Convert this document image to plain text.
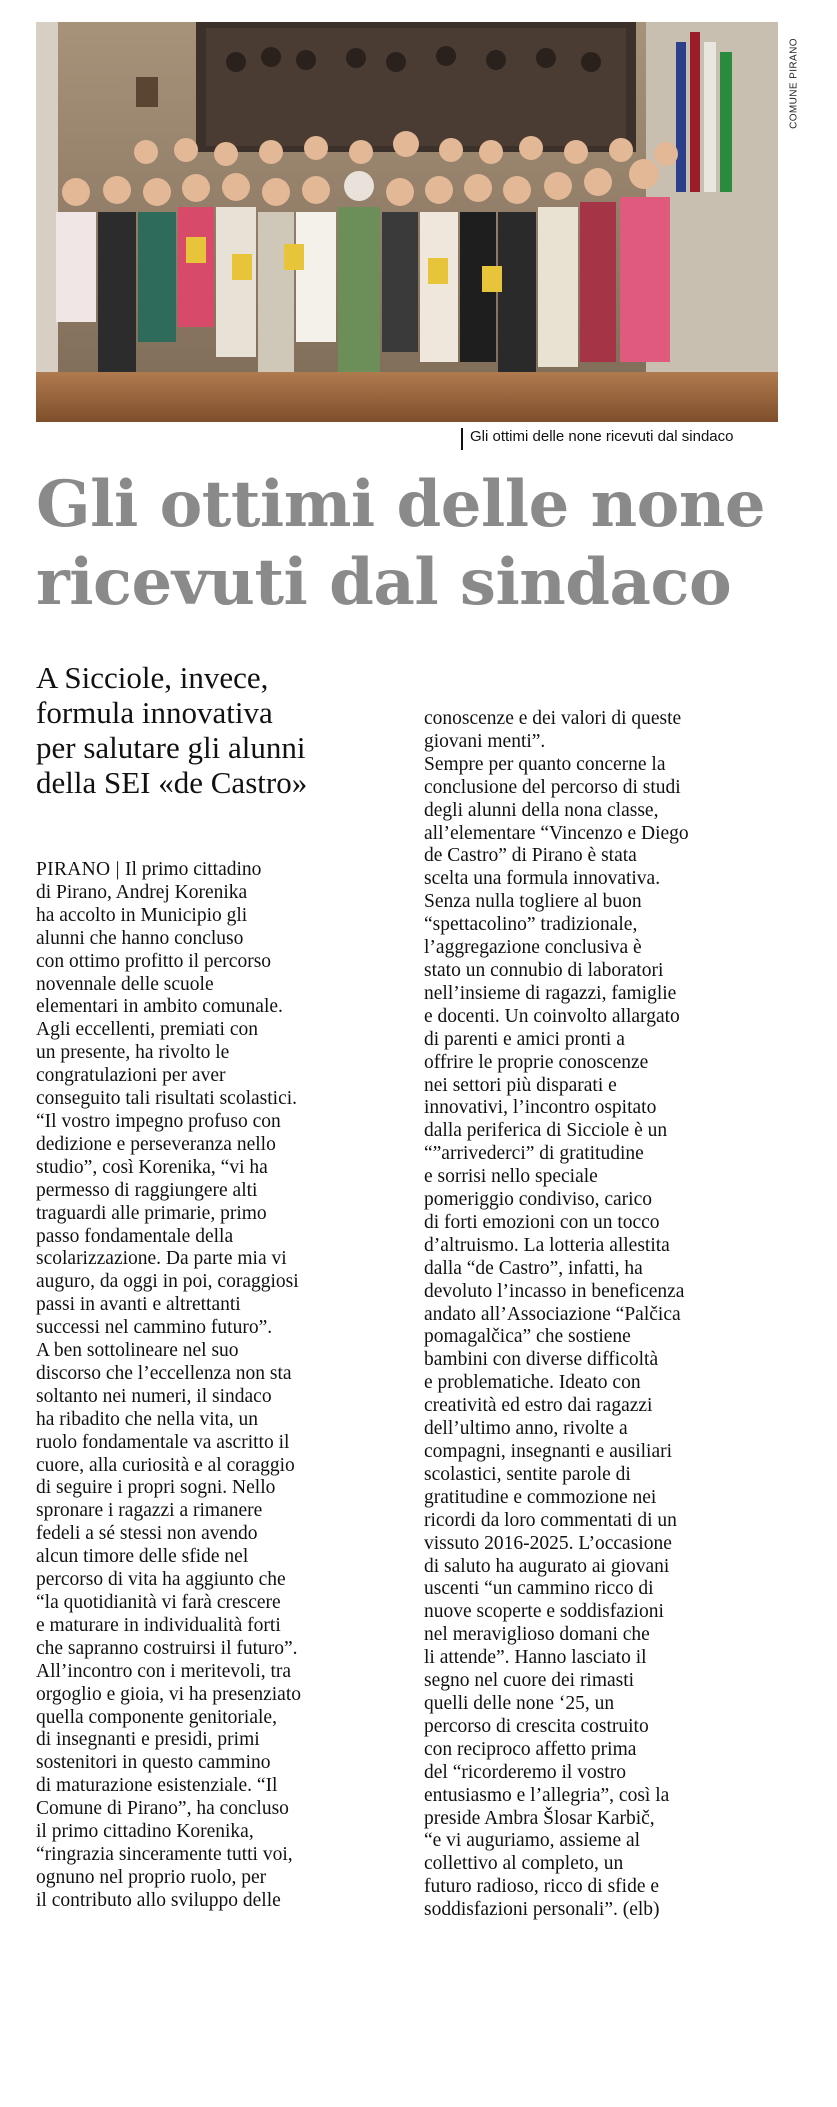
COMUNE PIRANO
Gli ottimi delle none ricevuti dal sindaco
Gli ottimi delle none
ricevuti dal sindaco
A Sicciole, invece,
formula innovativa
per salutare gli alunni
della SEI «de Castro»

PIRANO | Il primo cittadino

di Pirano, Andrej Korenika

ha accolto in Municipio gli

alunni che hanno concluso

con ottimo profitto il percorso

novennale delle scuole

elementari in ambito comunale.

Agli eccellenti, premiati con

un presente, ha rivolto le

congratulazioni per aver

conseguito tali risultati scolastici.

“Il vostro impegno profuso con

dedizione e perseveranza nello

studio”, così Korenika, “vi ha

permesso di raggiungere alti

traguardi alle primarie, primo

passo fondamentale della

scolarizzazione. Da parte mia vi

auguro, da oggi in poi, coraggiosi

passi in avanti e altrettanti

successi nel cammino futuro”.

A ben sottolineare nel suo

discorso che l’eccellenza non sta

soltanto nei numeri, il sindaco

ha ribadito che nella vita, un

ruolo fondamentale va ascritto il

cuore, alla curiosità e al coraggio

di seguire i propri sogni. Nello

spronare i ragazzi a rimanere

fedeli a sé stessi non avendo

alcun timore delle sfide nel

percorso di vita ha aggiunto che

“la quotidianità vi farà crescere

e maturare in individualità forti

che sapranno costruirsi il futuro”.

All’incontro con i meritevoli, tra

orgoglio e gioia, vi ha presenziato

quella componente genitoriale,

di insegnanti e presidi, primi

sostenitori in questo cammino

di maturazione esistenziale. “Il

Comune di Pirano”, ha concluso

il primo cittadino Korenika,

“ringrazia sinceramente tutti voi,

ognuno nel proprio ruolo, per

il contributo allo sviluppo delle

conoscenze e dei valori di queste

giovani menti”.

Sempre per quanto concerne la

conclusione del percorso di studi

degli alunni della nona classe,

all’elementare “Vincenzo e Diego

de Castro” di Pirano è stata

scelta una formula innovativa.

Senza nulla togliere al buon

“spettacolino” tradizionale,

l’aggregazione conclusiva è

stato un connubio di laboratori

nell’insieme di ragazzi, famiglie

e docenti. Un coinvolto allargato

di parenti e amici pronti a

offrire le proprie conoscenze

nei settori più disparati e

innovativi, l’incontro ospitato

dalla periferica di Sicciole è un

“”arrivederci” di gratitudine

e sorrisi nello speciale

pomeriggio condiviso, carico

di forti emozioni con un tocco

d’altruismo. La lotteria allestita

dalla “de Castro”, infatti, ha

devoluto l’incasso in beneficenza

andato all’Associazione “Palčica

pomagalčica” che sostiene

bambini con diverse difficoltà

e problematiche. Ideato con

creatività ed estro dai ragazzi

dell’ultimo anno, rivolte a

compagni, insegnanti e ausiliari

scolastici, sentite parole di

gratitudine e commozione nei

ricordi da loro commentati di un

vissuto 2016-2025. L’occasione

di saluto ha augurato ai giovani

uscenti “un cammino ricco di

nuove scoperte e soddisfazioni

nel meraviglioso domani che

li attende”. Hanno lasciato il

segno nel cuore dei rimasti

quelli delle none ‘25, un

percorso di crescita costruito

con reciproco affetto prima

del “ricorderemo il vostro

entusiasmo e l’allegria”, così la

preside Ambra Šlosar Karbič,

“e vi auguriamo, assieme al

collettivo al completo, un

futuro radioso, ricco di sfide e

soddisfazioni personali”. (elb)
